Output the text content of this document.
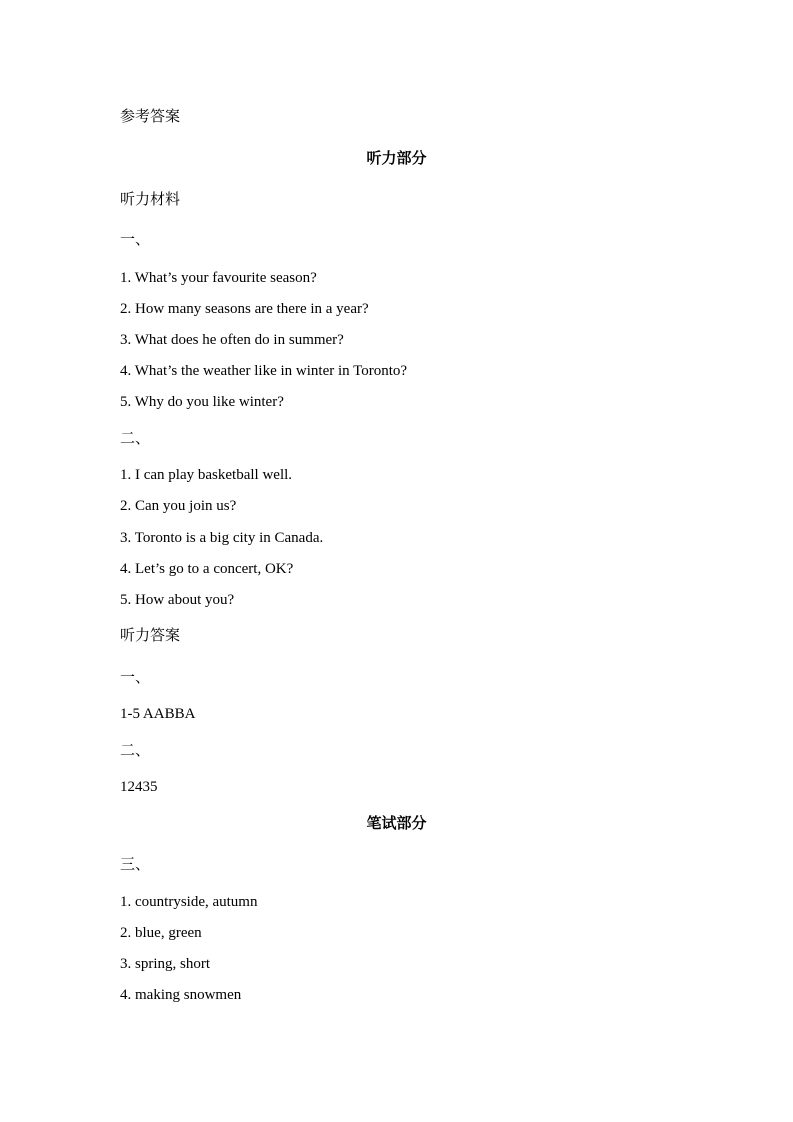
参考答案
听力部分
听力材料
一、
1. What’s your favourite season?
2. How many seasons are there in a year?
3. What does he often do in summer?
4. What’s the weather like in winter in Toronto?
5. Why do you like winter?
二、
1. I can play basketball well.
2. Can you join us?
3. Toronto is a big city in Canada.
4. Let’s go to a concert, OK?
5. How about you?
听力答案
一、
1-5 AABBA
二、
12435
笔试部分
三、
1. countryside, autumn
2. blue, green
3. spring, short
4. making snowmen
